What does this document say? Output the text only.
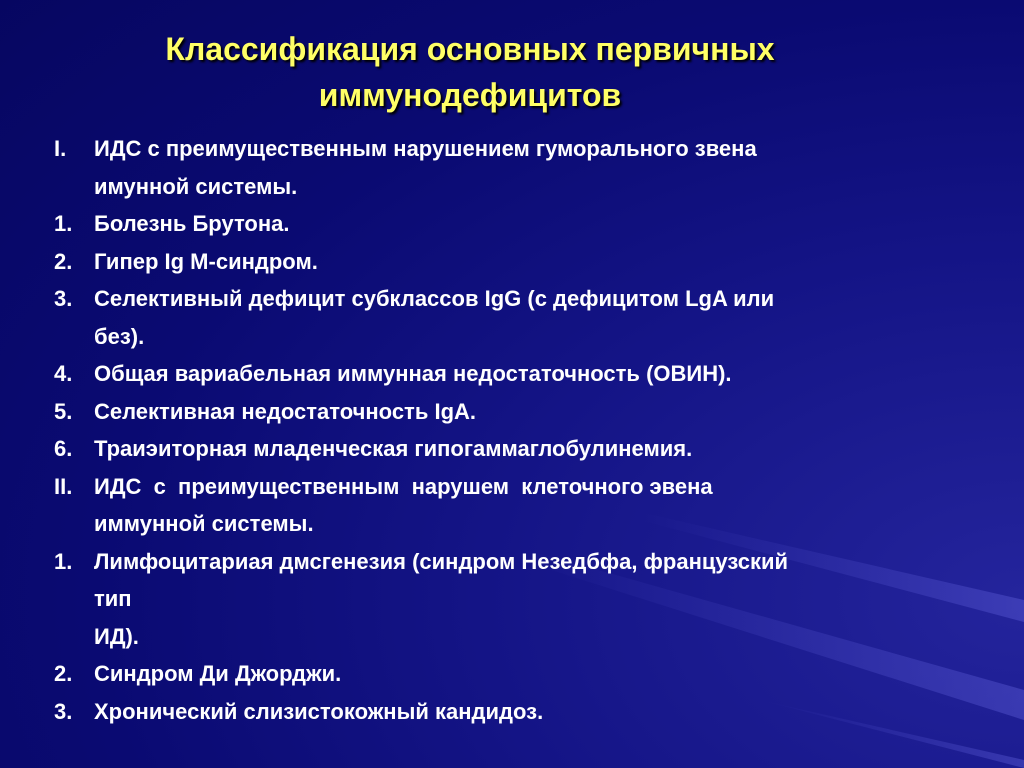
Классификация основных первичных
иммунодефицитов
I.	ИДС с преимущественным нарушением гуморального звена
имунной системы.
1. Болезнь Брутона.
2. Гипер Ig M-синдром.
3. Селективный дефицит субклассов IgG (с дефицитом LgA или
без).
4. Общая вариабельная иммунная недостаточность (ОВИН).
5. Селективная недостаточность IgA.
6. Траиэиторная младенческая гипогаммаглобулинемия.
II. ИДС  с  преимущественным  нарушем  клеточного эвена
иммунной системы.
1. Лимфоцитариая дмсгенезия (синдром Незедбфа, французский
тип
ИД).
2. Синдром Ди Джорджи.
3. Хронический слизистокожный кандидоз.
